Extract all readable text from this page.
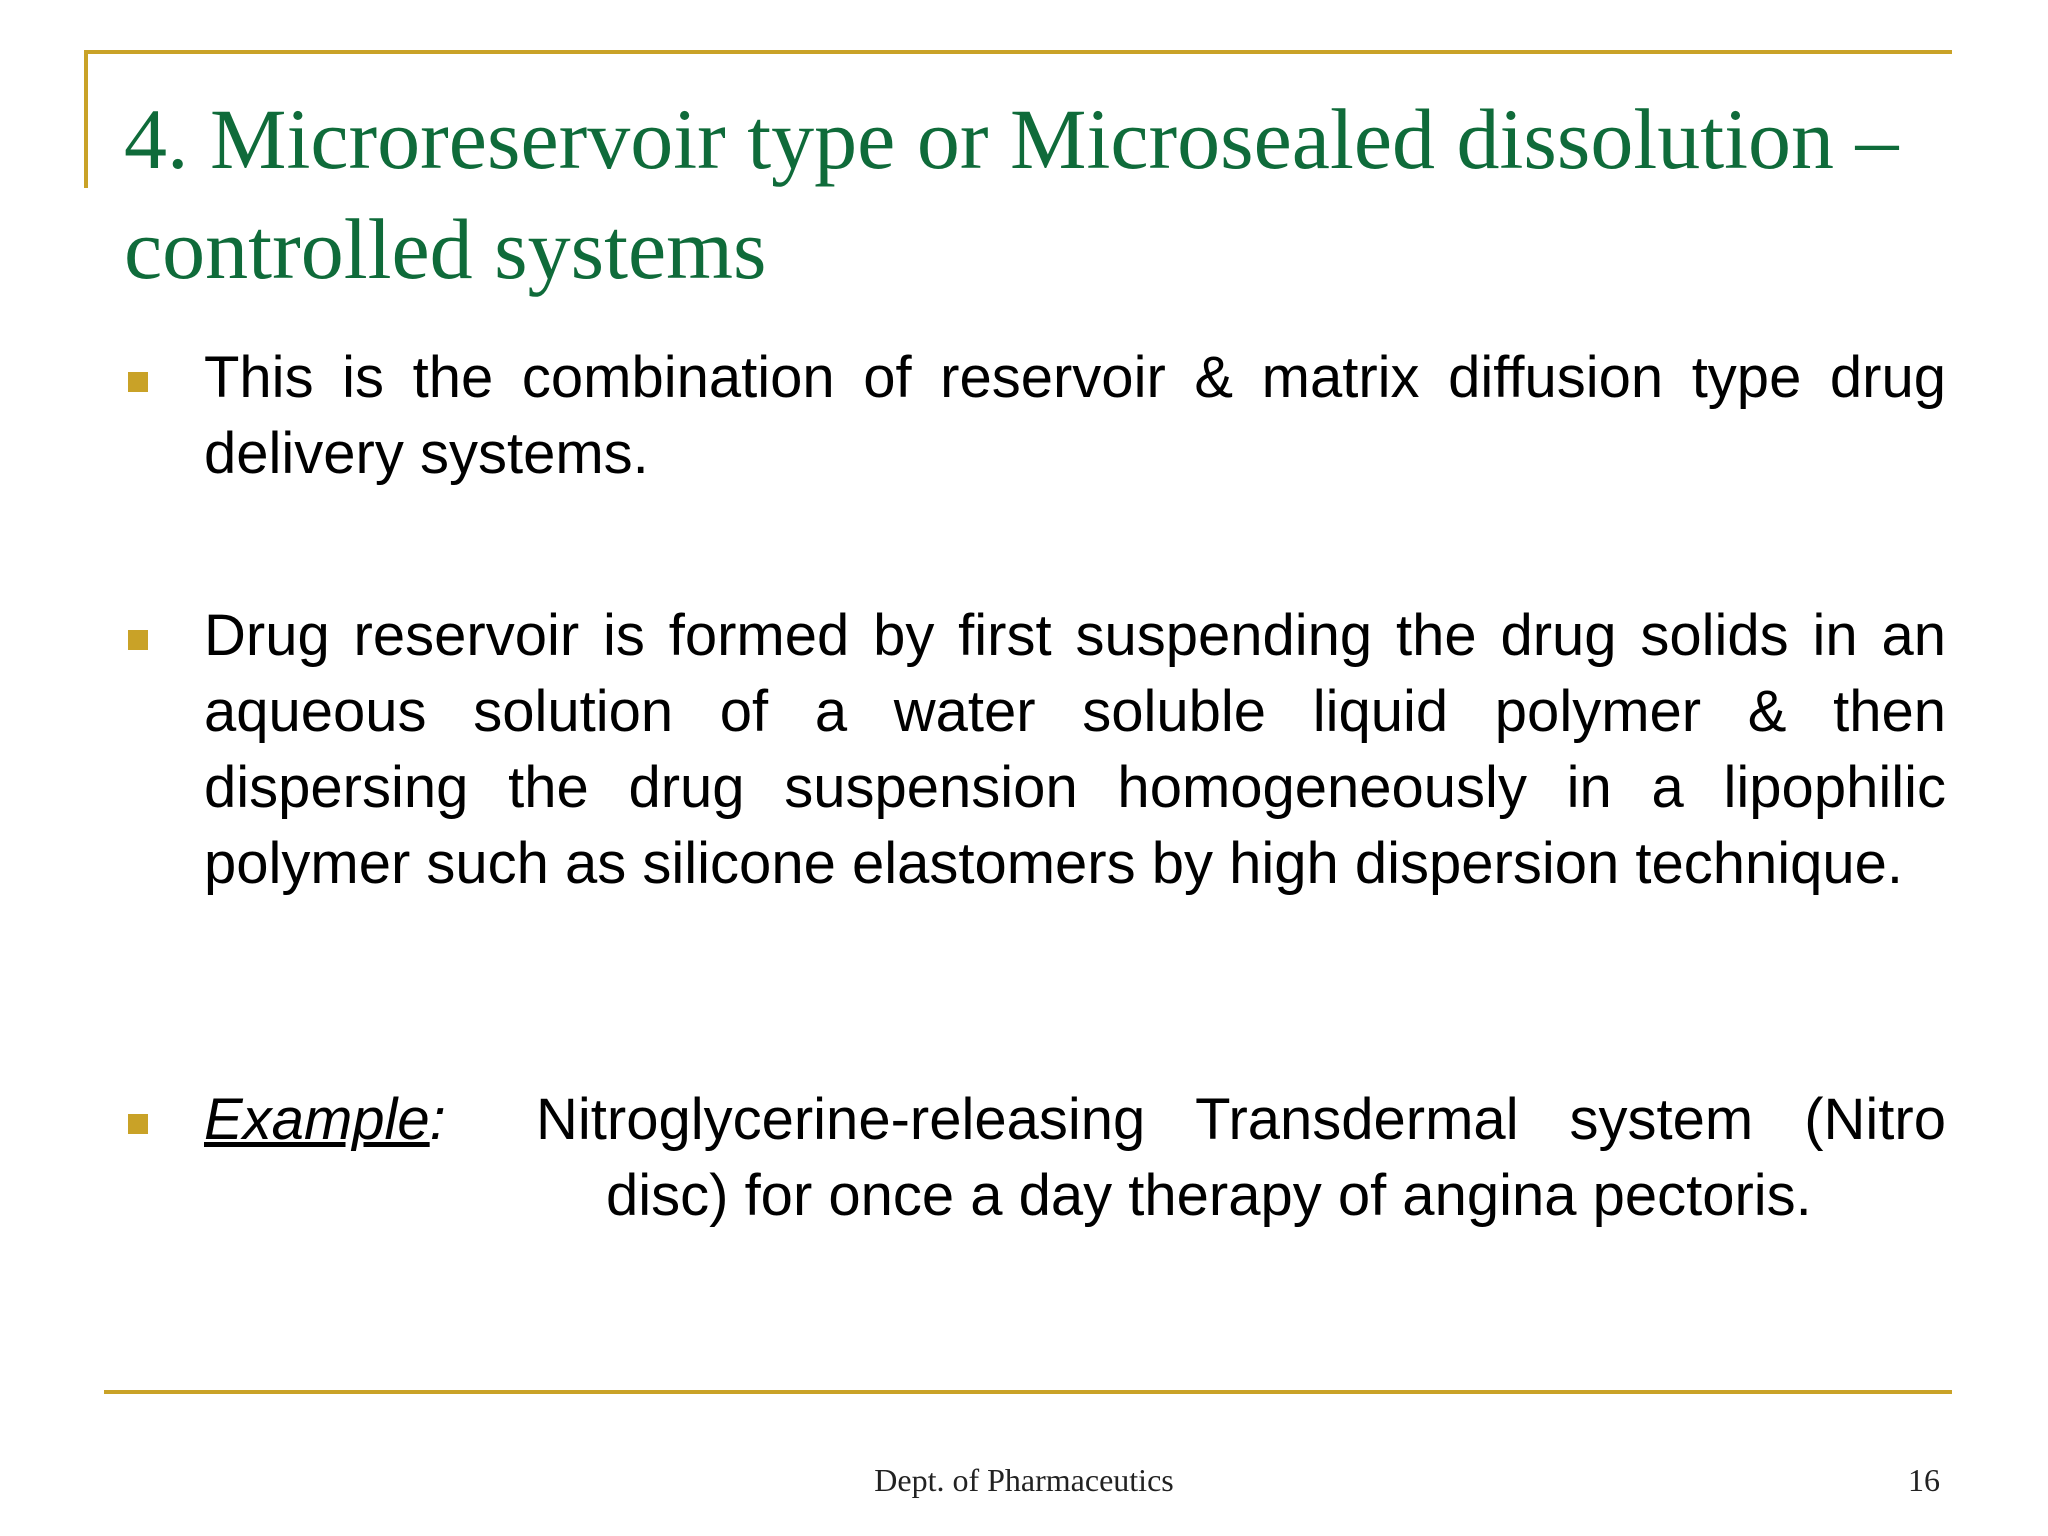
4. Microreservoir type or Microsealed dissolution – controlled systems
This is the combination of reservoir & matrix diffusion type drug delivery systems.
Drug reservoir is formed by first suspending the drug solids in an aqueous solution of a water soluble liquid polymer & then dispersing the drug suspension homogeneously in a lipophilic polymer such as silicone elastomers by high dispersion technique.
Example: Nitroglycerine-releasing Transdermal system (Nitro disc) for once a day therapy of angina pectoris.
Dept. of Pharmaceutics	16
